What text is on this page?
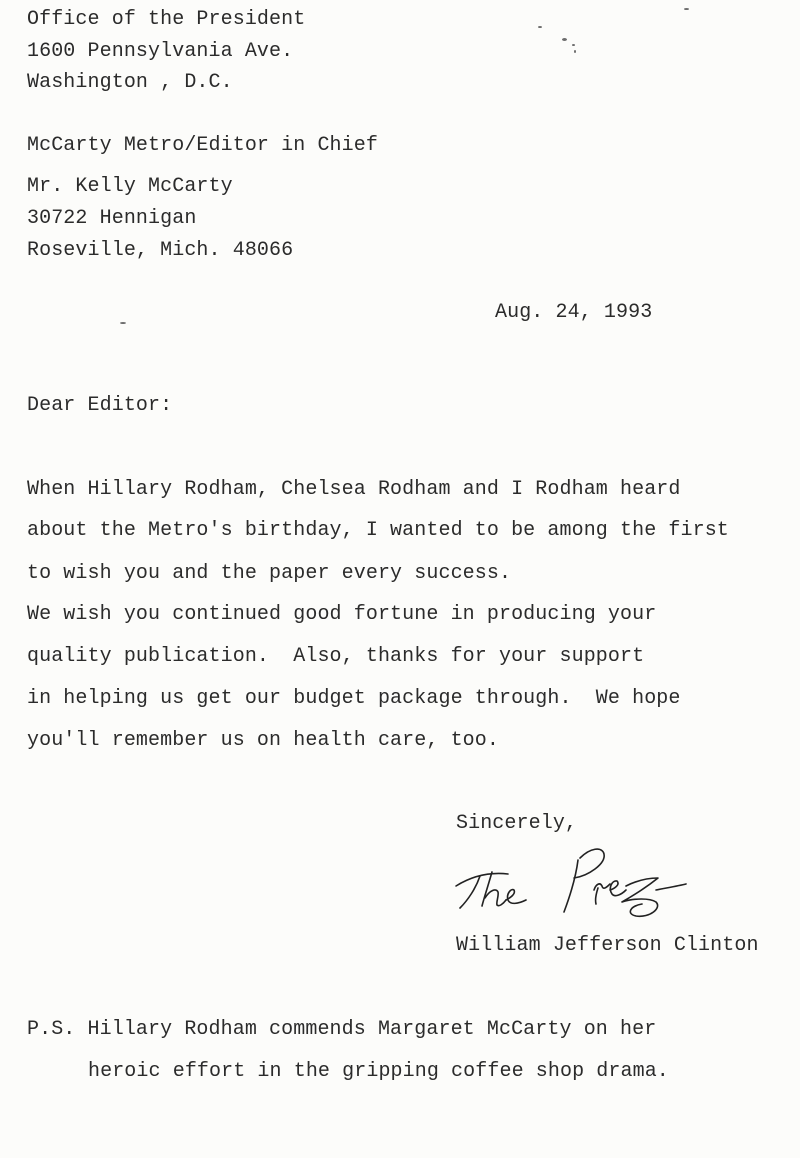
Office of the President
1600 Pennsylvania Ave.
Washington , D.C.
McCarty Metro/Editor in Chief
Mr. Kelly McCarty
30722 Hennigan
Roseville, Mich. 48066
Aug. 24, 1993
Dear Editor:
When Hillary Rodham, Chelsea Rodham and I Rodham heard
about the Metro's birthday, I wanted to be among the first
to wish you and the paper every success.
We wish you continued good fortune in producing your
quality publication.  Also, thanks for your support
in helping us get our budget package through.  We hope
you'll remember us on health care, too.
Sincerely,
William Jefferson Clinton
P.S. Hillary Rodham commends Margaret McCarty on her
heroic effort in the gripping coffee shop drama.
